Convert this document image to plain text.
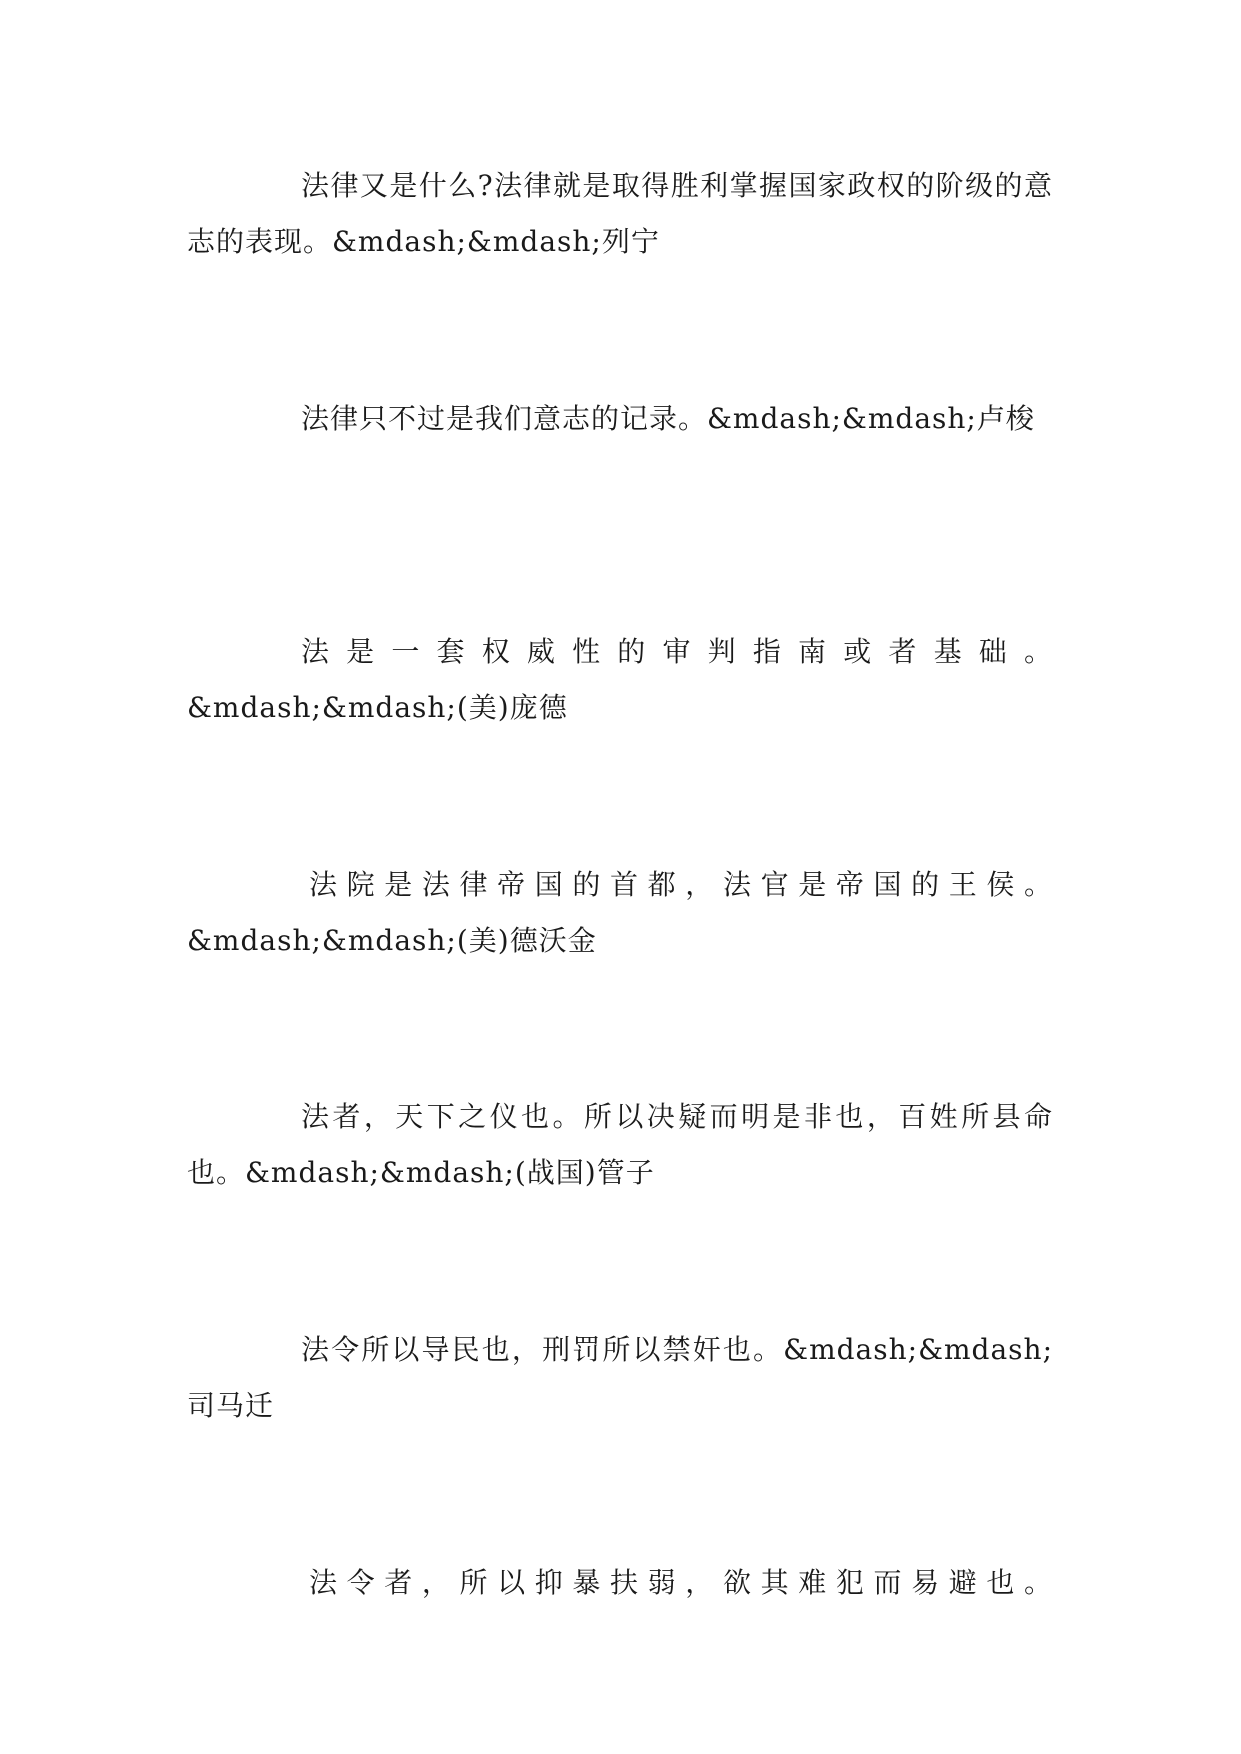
法律又是什么?法律就是取得胜利掌握国家政权的阶级的意志的表现。&mdash;&mdash;列宁

法律只不过是我们意志的记录。&mdash;&mdash;卢梭

法是一套权威性的审判指南或者基础。
&mdash;&mdash;(美)庞德
法院是法律帝国的首都，法官是帝国的王侯。
&mdash;&mdash;(美)德沃金

法者，天下之仪也。所以决疑而明是非也，百姓所县命也。&mdash;&mdash;(战国)管子

法令所以导民也，刑罚所以禁奸也。&mdash;&mdash;司马迁

法令者，所以抑暴扶弱，欲其难犯而易避也。
